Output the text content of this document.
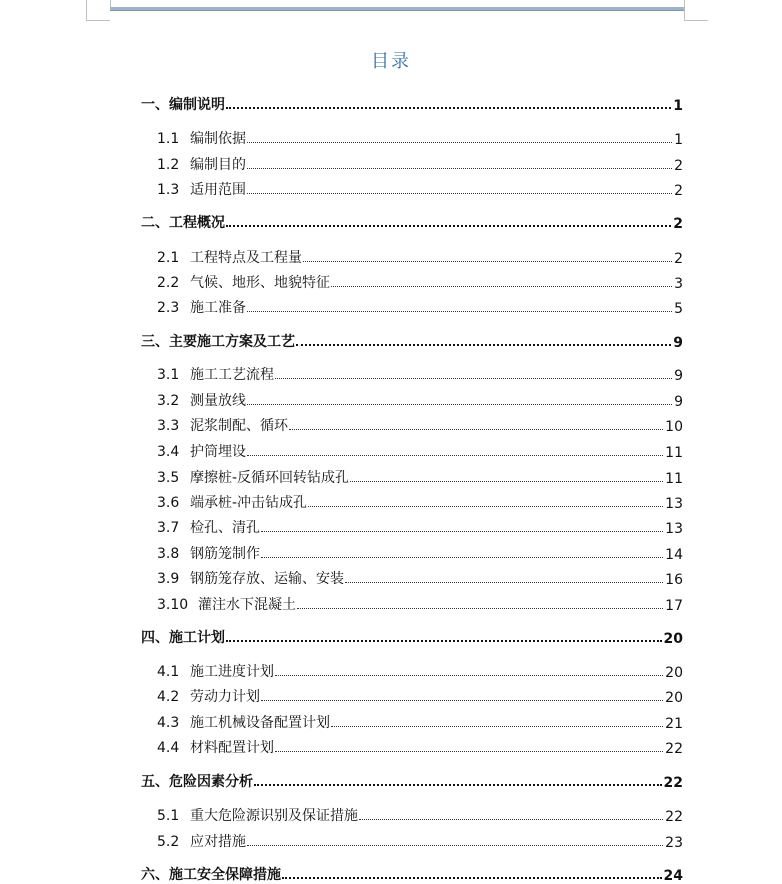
目录
一、编制说明	1
1.1 编制依据	1
1.2 编制目的	2
1.3 适用范围	2
二、工程概况	2
2.1 工程特点及工程量	2
2.2 气候、地形、地貌特征	3
2.3 施工准备	5
三、主要施工方案及工艺	9
3.1 施工工艺流程	9
3.2 测量放线	9
3.3 泥浆制配、循环	10
3.4 护筒埋设	11
3.5 摩擦桩-反循环回转钻成孔	11
3.6 端承桩-冲击钻成孔	13
3.7 检孔、清孔	13
3.8 钢筋笼制作	14
3.9 钢筋笼存放、运输、安装	16
3.10 灌注水下混凝土	17
四、施工计划	20
4.1 施工进度计划	20
4.2 劳动力计划	20
4.3 施工机械设备配置计划	21
4.4 材料配置计划	22
五、危险因素分析	22
5.1 重大危险源识别及保证措施	22
5.2 应对措施	23
六、施工安全保障措施	24
